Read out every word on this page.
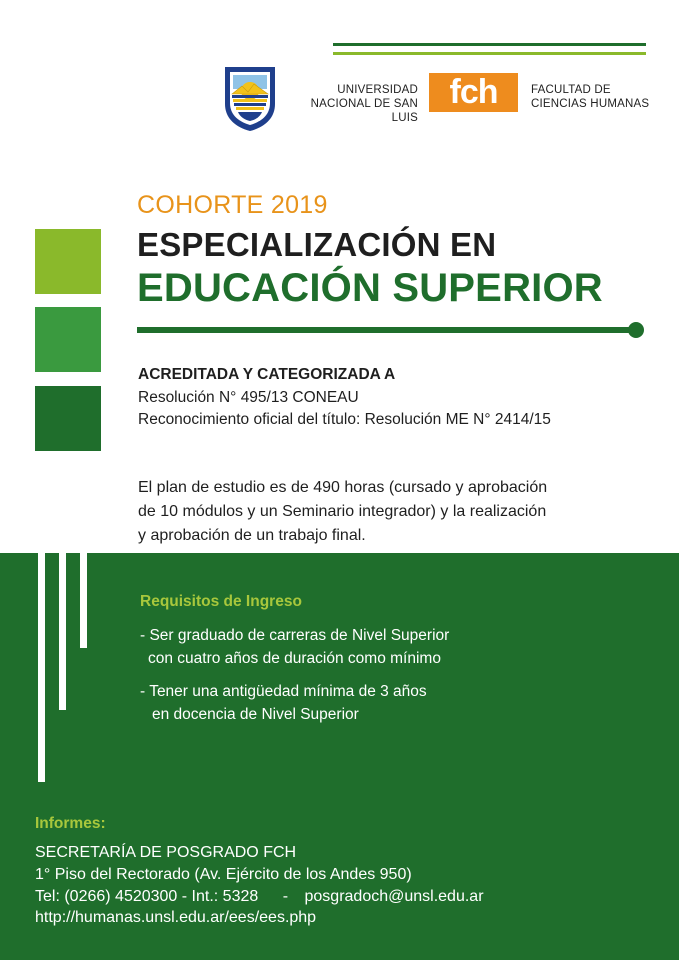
UNIVERSIDAD
NACIONAL DE SAN LUIS
fch	FACULTAD DE
CIENCIAS HUMANAS
COHORTE 2019
ESPECIALIZACIÓN EN
EDUCACIÓN SUPERIOR
ACREDITADA Y CATEGORIZADA A
Resolución N° 495/13 CONEAU
Reconocimiento oficial del título: Resolución ME N° 2414/15
El plan de estudio es de 490 horas (cursado y aprobación
de 10 módulos y un Seminario integrador) y la realización
y aprobación de un trabajo final.
Requisitos de Ingreso
- Ser graduado de carreras de Nivel Superior
con cuatro años de duración como mínimo
- Tener una antigüedad mínima de 3 años
en docencia de Nivel Superior
Informes:
SECRETARÍA DE POSGRADO FCH
1° Piso del Rectorado (Av. Ejército de los Andes 950)
Tel: (0266) 4520300 - Int.: 5328 - posgradoch@unsl.edu.ar
http://humanas.unsl.edu.ar/ees/ees.php
